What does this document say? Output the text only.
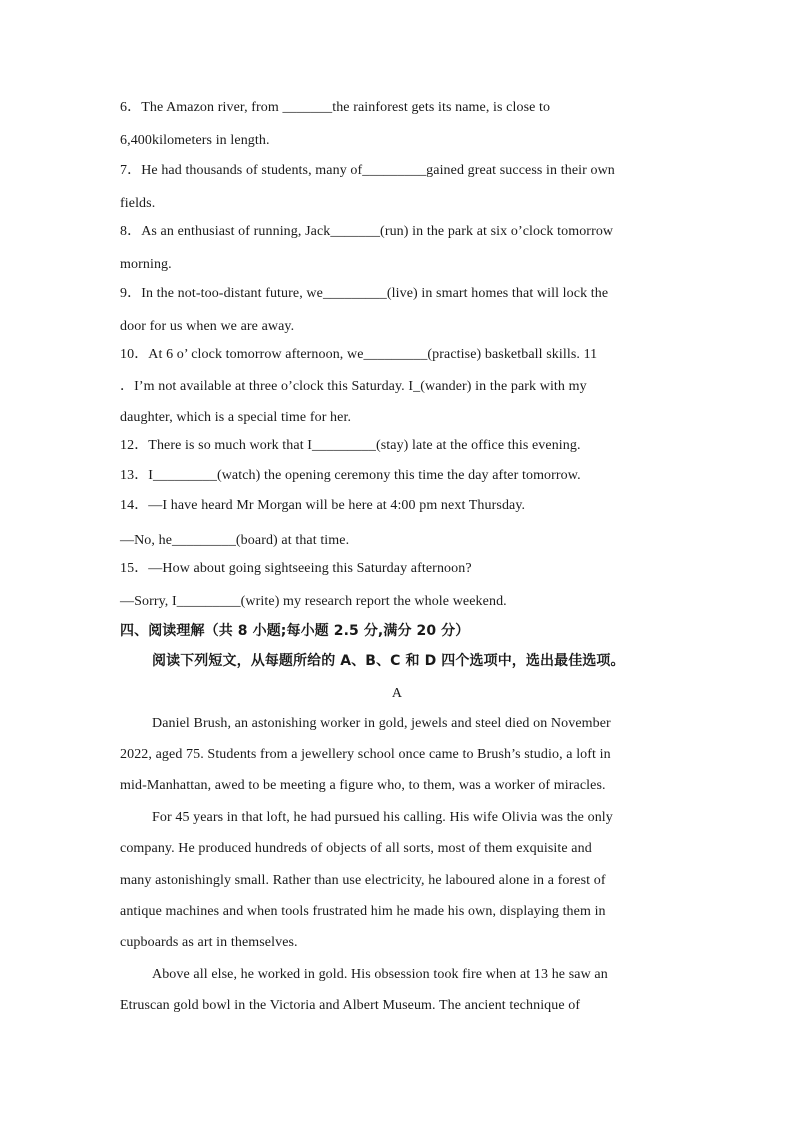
6．The Amazon river, from _______the rainforest gets its name, is close to
6,400kilometers in length.
7．He had thousands of students, many of_________gained great success in their own
fields.
8．As an enthusiast of running, Jack_______(run) in the park at six o’clock tomorrow
morning.
9．In the not-too-distant future, we_________(live) in smart homes that will lock the
door for us when we are away.
10．At 6 o’ clock tomorrow afternoon, we_________(practise) basketball skills. 11
．I’m not available at three o’clock this Saturday. I_(wander) in the park with my
daughter, which is a special time for her.
12．There is so much work that I_________(stay) late at the office this evening.
13．I_________(watch) the opening ceremony this time the day after tomorrow.
14．—I have heard Mr Morgan will be here at 4:00 pm next Thursday.
—No, he_________(board) at that time.
15．—How about going sightseeing this Saturday afternoon?
—Sorry, I_________(write) my research report the whole weekend.
四、阅读理解（共 8 小题;每小题 2.5 分,满分 20 分）
阅读下列短文，从每题所给的 A、B、C 和 D 四个选项中，选出最佳选项。
A
Daniel Brush, an astonishing worker in gold, jewels and steel died on November
2022, aged 75. Students from a jewellery school once came to Brush’s studio, a loft in
mid-Manhattan, awed to be meeting a figure who, to them, was a worker of miracles.
For 45 years in that loft, he had pursued his calling. His wife Olivia was the only
company. He produced hundreds of objects of all sorts, most of them exquisite and
many astonishingly small. Rather than use electricity, he laboured alone in a forest of
antique machines and when tools frustrated him he made his own, displaying them in
cupboards as art in themselves.
Above all else, he worked in gold. His obsession took fire when at 13 he saw an
Etruscan gold bowl in the Victoria and Albert Museum. The ancient technique of
